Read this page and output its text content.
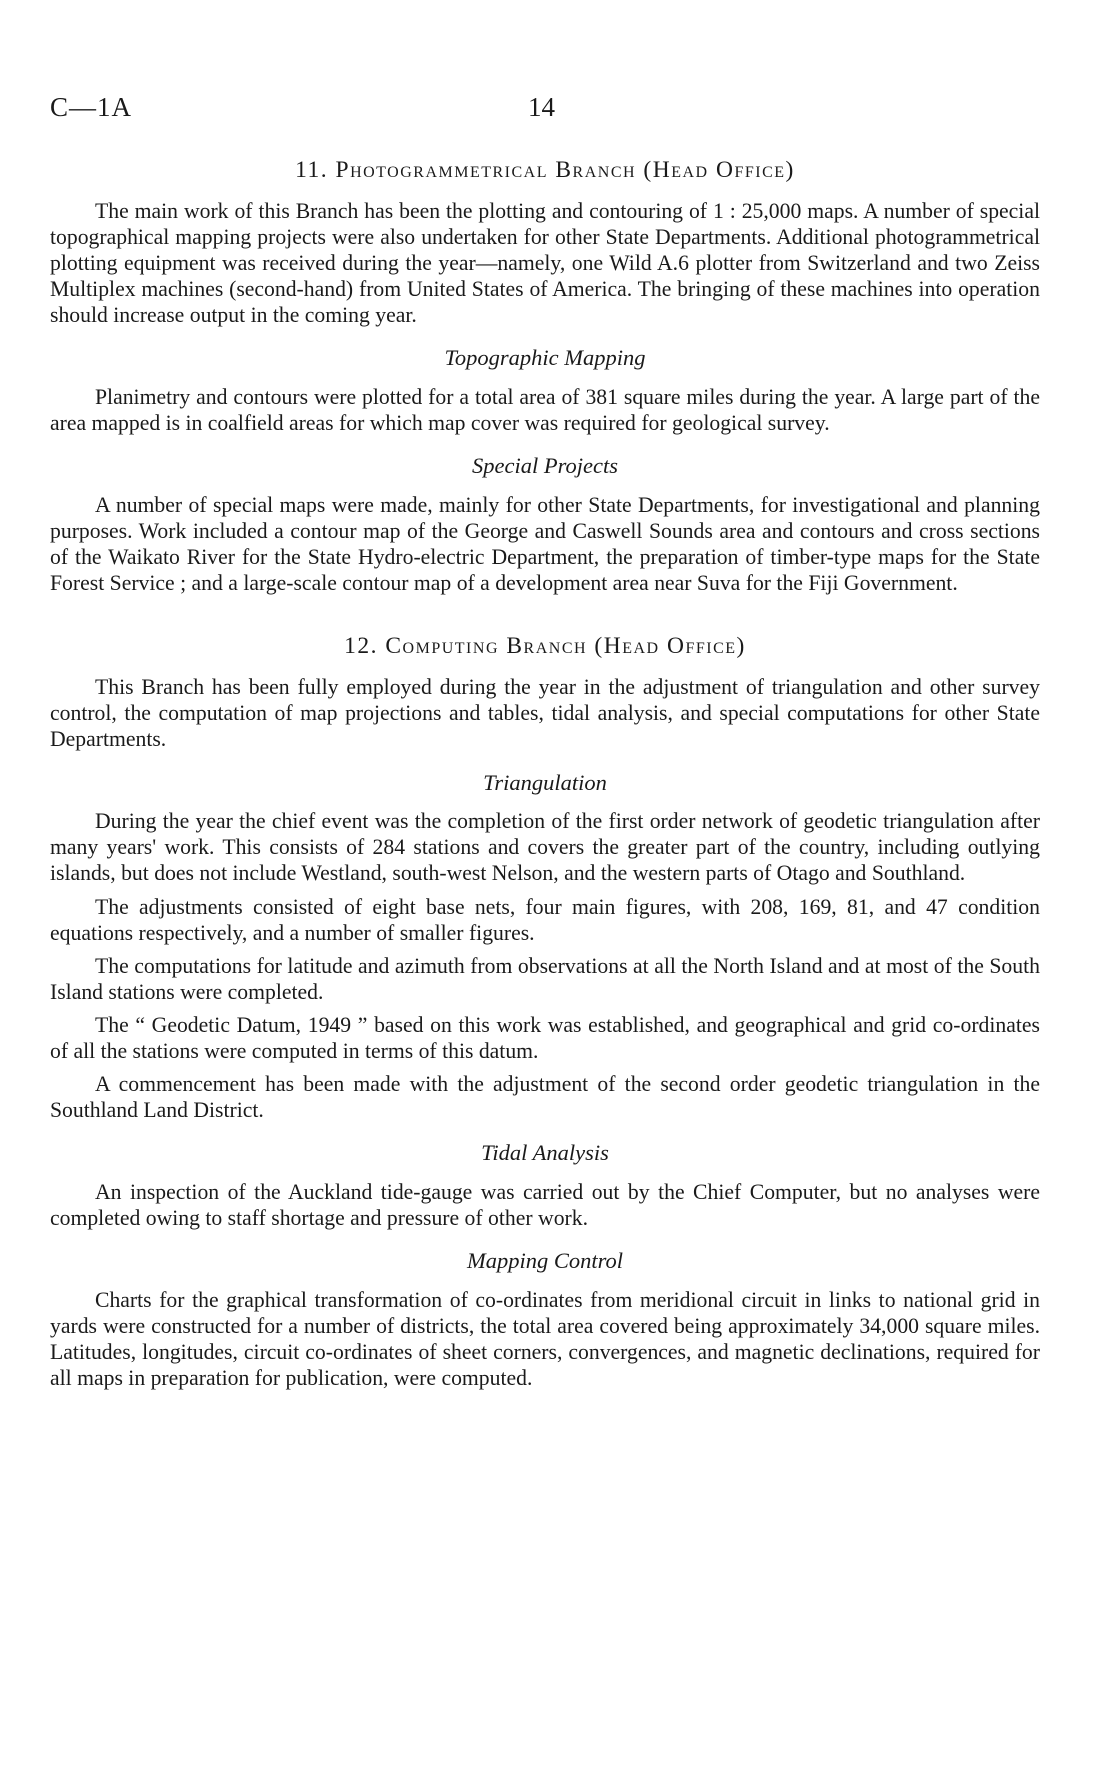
C—1A	14
11. Photogrammetrical Branch (Head Office)

The main work of this Branch has been the plotting and contouring of 1 : 25,000 maps. A number of special topographical mapping projects were also undertaken for other State Departments. Additional photogrammetrical plotting equipment was received during the year—namely, one Wild A.6 plotter from Switzerland and two Zeiss Multiplex machines (second-hand) from United States of America. The bringing of these machines into operation should increase output in the coming year.

Topographic Mapping

Planimetry and contours were plotted for a total area of 381 square miles during the year. A large part of the area mapped is in coalfield areas for which map cover was required for geological survey.

Special Projects

A number of special maps were made, mainly for other State Departments, for investigational and planning purposes. Work included a contour map of the George and Caswell Sounds area and contours and cross sections of the Waikato River for the State Hydro-electric Department, the preparation of timber-type maps for the State Forest Service ; and a large-scale contour map of a development area near Suva for the Fiji Government.

12. Computing Branch (Head Office)

This Branch has been fully employed during the year in the adjustment of triangulation and other survey control, the computation of map projections and tables, tidal analysis, and special computations for other State Departments.

Triangulation

During the year the chief event was the completion of the first order network of geodetic triangulation after many years' work. This consists of 284 stations and covers the greater part of the country, including outlying islands, but does not include Westland, south-west Nelson, and the western parts of Otago and Southland.

The adjustments consisted of eight base nets, four main figures, with 208, 169, 81, and 47 condition equations respectively, and a number of smaller figures.

The computations for latitude and azimuth from observations at all the North Island and at most of the South Island stations were completed.

The “ Geodetic Datum, 1949 ” based on this work was established, and geographical and grid co-ordinates of all the stations were computed in terms of this datum.

A commencement has been made with the adjustment of the second order geodetic triangulation in the Southland Land District.

Tidal Analysis

An inspection of the Auckland tide-gauge was carried out by the Chief Computer, but no analyses were completed owing to staff shortage and pressure of other work.

Mapping Control

Charts for the graphical transformation of co-ordinates from meridional circuit in links to national grid in yards were constructed for a number of districts, the total area covered being approximately 34,000 square miles. Latitudes, longitudes, circuit co-ordinates of sheet corners, convergences, and magnetic declinations, required for all maps in preparation for publication, were computed.
